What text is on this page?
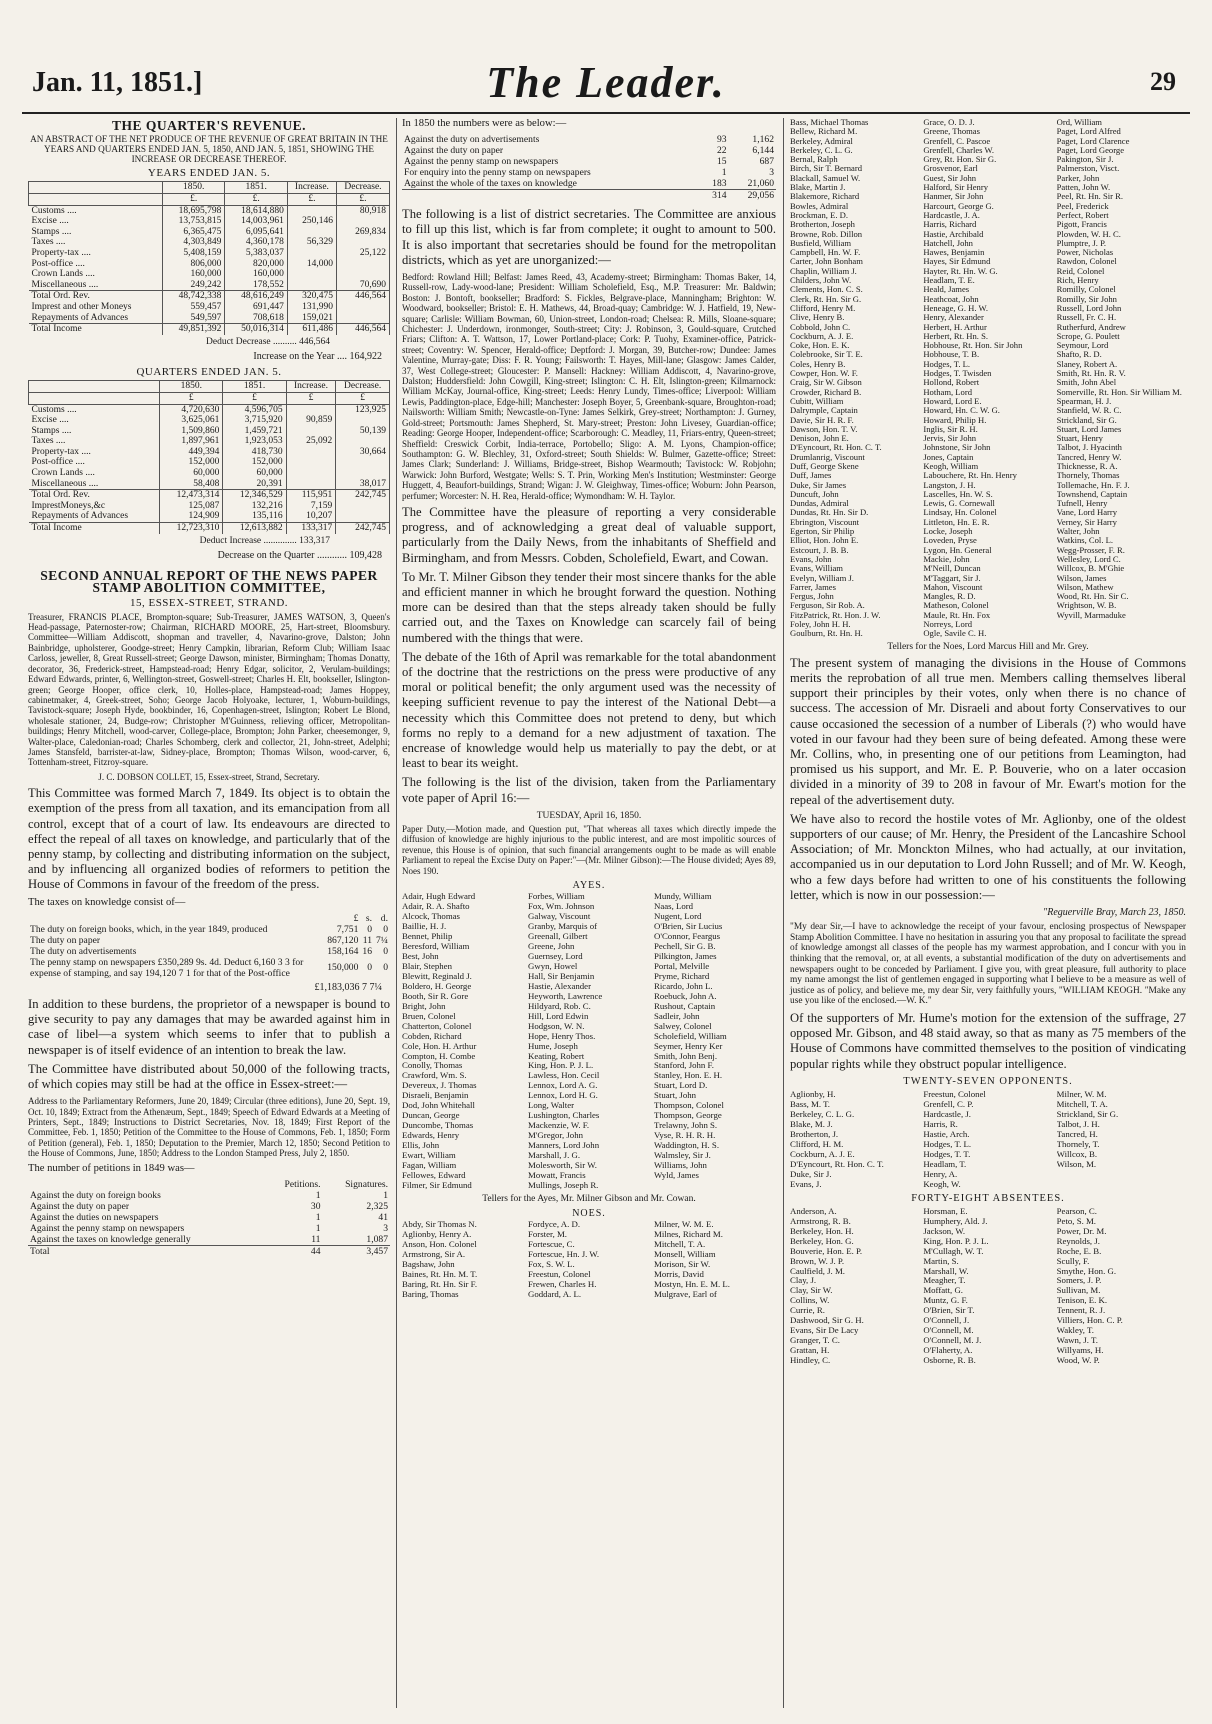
Jan. 11, 1851.]	The Leader.	29
THE QUARTER'S REVENUE.
AN ABSTRACT OF THE NET PRODUCE OF THE REVENUE OF GREAT BRITAIN IN THE YEARS AND QUARTERS ENDED JAN. 5, 1850, AND JAN. 5, 1851, SHOWING THE INCREASE OR DECREASE THEREOF.
YEARS ENDED JAN. 5.
	1850.	1851.	Increase.	Decrease.
	£.	£.	£.	£.
Customs ....	18,695,798	18,614,880		80,918
Excise ....	13,753,815	14,003,961	250,146	
Stamps ....	6,365,475	6,095,641		269,834
Taxes ....	4,303,849	4,360,178	56,329	
Property-tax ....	5,408,159	5,383,037		25,122
Post-office ....	806,000	820,000	14,000	
Crown Lands ....	160,000	160,000		
Miscellaneous ....	249,242	178,552		70,690
Total Ord. Rev.	48,742,338	48,616,249	320,475	446,564
Imprest and other Moneys	559,457	691,447	131,990	
Repayments of Advances	549,597	708,618	159,021	
Total Income	49,851,392	50,016,314	611,486	446,564
Deduct Decrease .......... 446,564
Increase on the Year .... 164,922
QUARTERS ENDED JAN. 5.
	1850.	1851.	Increase.	Decrease.
	£	£	£	£
Customs ....	4,720,630	4,596,705		123,925
Excise ....	3,625,061	3,715,920	90,859	
Stamps ....	1,509,860	1,459,721		50,139
Taxes ....	1,897,961	1,923,053	25,092	
Property-tax ....	449,394	418,730		30,664
Post-office ....	152,000	152,000		
Crown Lands ....	60,000	60,000		
Miscellaneous ....	58,408	20,391		38,017
Total Ord. Rev.	12,473,314	12,346,529	115,951	242,745
ImprestMoneys,&c	125,087	132,216	7,159	
Repayments of Advances	124,909	135,116	10,207	
Total Income	12,723,310	12,613,882	133,317	242,745
Deduct Increase .............. 133,317
Decrease on the Quarter ............ 109,428
SECOND ANNUAL REPORT OF THE NEWS PAPER STAMP ABOLITION COMMITTEE,
15, ESSEX-STREET, STRAND.

Treasurer, FRANCIS PLACE, Brompton-square; Sub-Treasurer, JAMES WATSON, 3, Queen's Head-passage, Paternoster-row; Chairman, RICHARD MOORE, 25, Hart-street, Bloomsbury. Committee—William Addiscott, shopman and traveller, 4, Navarino-grove, Dalston; John Bainbridge, upholsterer, Goodge-street; Henry Campkin, librarian, Reform Club; William Isaac Carloss, jeweller, 8, Great Russell-street; George Dawson, minister, Birmingham; Thomas Donatty, decorator, 36, Frederick-street, Hampstead-road; Henry Edgar, solicitor, 2, Verulam-buildings; Edward Edwards, printer, 6, Wellington-street, Goswell-street; Charles H. Elt, bookseller, Islington-green; George Hooper, office clerk, 10, Holles-place, Hampstead-road; James Hoppey, cabinetmaker, 4, Greek-street, Soho; George Jacob Holyoake, lecturer, 1, Woburn-buildings, Tavistock-square; Joseph Hyde, bookbinder, 16, Copenhagen-street, Islington; Robert Le Blond, wholesale stationer, 24, Budge-row; Christopher M'Guinness, relieving officer, Metropolitan-buildings; Henry Mitchell, wood-carver, College-place, Brompton; John Parker, cheesemonger, 9, Walter-place, Caledonian-road; Charles Schomberg, clerk and collector, 21, John-street, Adelphi; James Stansfeld, barrister-at-law, Sidney-place, Brompton; Thomas Wilson, wood-carver, 6, Tottenham-street, Fitzroy-square.

J. C. DOBSON COLLET, 15, Essex-street, Strand, Secretary.

This Committee was formed March 7, 1849. Its object is to obtain the exemption of the press from all taxation, and its emancipation from all control, except that of a court of law. Its endeavours are directed to effect the repeal of all taxes on knowledge, and particularly that of the penny stamp, by collecting and distributing information on the subject, and by influencing all organized bodies of reformers to petition the House of Commons in favour of the freedom of the press.

The taxes on knowledge consist of—

	£	s.	d.
The duty on foreign books, which, in the year 1849, produced	7,751	0	0
The duty on paper	867,120	11	7¼
The duty on advertisements	158,164	16	0
The penny stamp on newspapers £350,289 9s. 4d. Deduct 6,160 3 3 for expense of stamping, and say 194,120 7 1 for that of the Post-office	150,000	0	0
£1,183,036 7 7¼

In addition to these burdens, the proprietor of a newspaper is bound to give security to pay any damages that may be awarded against him in case of libel—a system which seems to infer that to publish a newspaper is of itself evidence of an intention to break the law.

The Committee have distributed about 50,000 of the following tracts, of which copies may still be had at the office in Essex-street:—

Address to the Parliamentary Reformers, June 20, 1849; Circular (three editions), June 20, Sept. 19, Oct. 10, 1849; Extract from the Athenæum, Sept., 1849; Speech of Edward Edwards at a Meeting of Printers, Sept., 1849; Instructions to District Secretaries, Nov. 18, 1849; First Report of the Committee, Feb. 1, 1850; Petition of the Committee to the House of Commons, Feb. 1, 1850; Form of Petition (general), Feb. 1, 1850; Deputation to the Premier, March 12, 1850; Second Petition to the House of Commons, June, 1850; Address to the London Stamped Press, July 2, 1850.

The number of petitions in 1849 was—

	Petitions.	Signatures.
Against the duty on foreign books	1	1
Against the duty on paper	30	2,325
Against the duties on newspapers	1	41
Against the penny stamp on newspapers	1	3
Against the taxes on knowledge generally	11	1,087
Total	44	3,457

In 1850 the numbers were as below:—

Against the duty on advertisements	93	1,162
Against the duty on paper	22	6,144
Against the penny stamp on newspapers	15	687
For enquiry into the penny stamp on newspapers	1	3
Against the whole of the taxes on knowledge	183	21,060
	314	29,056

The following is a list of district secretaries. The Committee are anxious to fill up this list, which is far from complete; it ought to amount to 500. It is also important that secretaries should be found for the metropolitan districts, which as yet are unorganized:—

Bedford: Rowland Hill; Belfast: James Reed, 43, Academy-street; Birmingham: Thomas Baker, 14, Russell-row, Lady-wood-lane; President: William Scholefield, Esq., M.P. Treasurer: Mr. Baldwin; Boston: J. Bontoft, bookseller; Bradford: S. Fickles, Belgrave-place, Manningham; Brighton: W. Woodward, bookseller; Bristol: E. H. Mathews, 44, Broad-quay; Cambridge: W. J. Hatfield, 19, New-square; Carlisle: William Bowman, 60, Union-street, London-road; Chelsea: R. Mills, Sloane-square; Chichester: J. Underdown, ironmonger, South-street; City: J. Robinson, 3, Gould-square, Crutched Friars; Clifton: A. T. Wattson, 17, Lower Portland-place; Cork: P. Tuohy, Examiner-office, Patrick-street; Coventry: W. Spencer, Herald-office; Deptford: J. Morgan, 39, Butcher-row; Dundee: James Valentine, Murray-gate; Diss: F. R. Young; Failsworth: T. Hayes, Mill-lane; Glasgow: James Calder, 37, West College-street; Gloucester: P. Mansell: Hackney: William Addiscott, 4, Navarino-grove, Dalston; Huddersfield: John Cowgill, King-street; Islington: C. H. Elt, Islington-green; Kilmarnock: William McKay, Journal-office, King-street; Leeds: Henry Lundy, Times-office; Liverpool: William Lewis, Paddington-place, Edge-hill; Manchester: Joseph Boyer, 5, Greenbank-square, Broughton-road; Nailsworth: William Smith; Newcastle-on-Tyne: James Selkirk, Grey-street; Northampton: J. Gurney, Gold-street; Portsmouth: James Shepherd, St. Mary-street; Preston: John Livesey, Guardian-office; Reading: George Hooper, Independent-office; Scarborough: C. Meadley, 11, Friars-entry, Queen-street; Sheffield: Creswick Corbit, India-terrace, Portobello; Sligo: A. M. Lyons, Champion-office; Southampton: G. W. Blechley, 31, Oxford-street; South Shields: W. Bulmer, Gazette-office; Street: James Clark; Sunderland: J. Williams, Bridge-street, Bishop Wearmouth; Tavistock: W. Robjohn; Warwick: John Burford, Westgate; Wells: S. T. Prin, Working Men's Institution; Westminster: George Huggett, 4, Beaufort-buildings, Strand; Wigan: J. W. Gleighway, Times-office; Woburn: John Pearson, perfumer; Worcester: N. H. Rea, Herald-office; Wymondham: W. H. Taylor.

The Committee have the pleasure of reporting a very considerable progress, and of acknowledging a great deal of valuable support, particularly from the Daily News, from the inhabitants of Sheffield and Birmingham, and from Messrs. Cobden, Scholefield, Ewart, and Cowan.

To Mr. T. Milner Gibson they tender their most sincere thanks for the able and efficient manner in which he brought forward the question. Nothing more can be desired than that the steps already taken should be fully carried out, and the Taxes on Knowledge can scarcely fail of being numbered with the things that were.

The debate of the 16th of April was remarkable for the total abandonment of the doctrine that the restrictions on the press were productive of any moral or political benefit; the only argument used was the necessity of keeping sufficient revenue to pay the interest of the National Debt—a necessity which this Committee does not pretend to deny, but which forms no reply to a demand for a new adjustment of taxation. The encrease of knowledge would help us materially to pay the debt, or at least to bear its weight.

The following is the list of the division, taken from the Parliamentary vote paper of April 16:—

TUESDAY, April 16, 1850.

Paper Duty,—Motion made, and Question put, "That whereas all taxes which directly impede the diffusion of knowledge are highly injurious to the public interest, and are most impolitic sources of revenue, this House is of opinion, that such financial arrangements ought to be made as will enable Parliament to repeal the Excise Duty on Paper:"—(Mr. Milner Gibson):—The House divided; Ayes 89, Noes 190.

AYES.
Adair, Hugh Edward	Forbes, William	Mundy, William
Adair, R. A. Shafto	Fox, Wm. Johnson	Naas, Lord
Alcock, Thomas	Galway, Viscount	Nugent, Lord
Baillie, H. J.	Granby, Marquis of	O'Brien, Sir Lucius
Bennet, Philip	Greenall, Gilbert	O'Connor, Feargus
Beresford, William	Greene, John	Pechell, Sir G. B.
Best, John	Guernsey, Lord	Pilkington, James
Blair, Stephen	Gwyn, Howel	Portal, Melville
Blewitt, Reginald J.	Hall, Sir Benjamin	Pryme, Richard
Boldero, H. George	Hastie, Alexander	Ricardo, John L.
Booth, Sir R. Gore	Heyworth, Lawrence	Roebuck, John A.
Bright, John	Hildyard, Rob. C.	Rushout, Captain
Bruen, Colonel	Hill, Lord Edwin	Sadleir, John
Chatterton, Colonel	Hodgson, W. N.	Salwey, Colonel
Cobden, Richard	Hope, Henry Thos.	Scholefield, William
Cole, Hon. H. Arthur	Hume, Joseph	Seymer, Henry Ker
Compton, H. Combe	Keating, Robert	Smith, John Benj.
Conolly, Thomas	King, Hon. P. J. L.	Stanford, John F.
Crawford, Wm. S.	Lawless, Hon. Cecil	Stanley, Hon. E. H.
Devereux, J. Thomas	Lennox, Lord A. G.	Stuart, Lord D.
Disraeli, Benjamin	Lennox, Lord H. G.	Stuart, John
Dod, John Whitehall	Long, Walter	Thompson, Colonel
Duncan, George	Lushington, Charles	Thompson, George
Duncombe, Thomas	Mackenzie, W. F.	Trelawny, John S.
Edwards, Henry	M'Gregor, John	Vyse, R. H. R. H.
Ellis, John	Manners, Lord John	Waddington, H. S.
Ewart, William	Marshall, J. G.	Walmsley, Sir J.
Fagan, William	Molesworth, Sir W.	Williams, John
Fellowes, Edward	Mowatt, Francis	Wyld, James
Filmer, Sir Edmund	Mullings, Joseph R.
Tellers for the Ayes, Mr. Milner Gibson and Mr. Cowan.
NOES.
Abdy, Sir Thomas N.	Fordyce, A. D.	Milner, W. M. E.
Aglionby, Henry A.	Forster, M.	Milnes, Richard M.
Anson, Hon. Colonel	Fortescue, C.	Mitchell, T. A.
Armstrong, Sir A.	Fortescue, Hn. J. W.	Monsell, William
Bagshaw, John	Fox, S. W. L.	Morison, Sir W.
Baines, Rt. Hn. M. T.	Freestun, Colonel	Morris, David
Baring, Rt. Hn. Sir F.	Frewen, Charles H.	Mostyn, Hn. E. M. L.
Baring, Thomas	Goddard, A. L.	Mulgrave, Earl of
Bass, Michael Thomas	Grace, O. D. J.	Ord, William
Bellew, Richard M.	Greene, Thomas	Paget, Lord Alfred
Berkeley, Admiral	Grenfell, C. Pascoe	Paget, Lord Clarence
Berkeley, C. L. G.	Grenfell, Charles W.	Paget, Lord George
Bernal, Ralph	Grey, Rt. Hon. Sir G.	Pakington, Sir J.
Birch, Sir T. Bernard	Grosvenor, Earl	Palmerston, Visct.
Blackall, Samuel W.	Guest, Sir John	Parker, John
Blake, Martin J.	Halford, Sir Henry	Patten, John W.
Blakemore, Richard	Hanmer, Sir John	Peel, Rt. Hn. Sir R.
Bowles, Admiral	Harcourt, George G.	Peel, Frederick
Brockman, E. D.	Hardcastle, J. A.	Perfect, Robert
Brotherton, Joseph	Harris, Richard	Pigott, Francis
Browne, Rob. Dillon	Hastie, Archibald	Plowden, W. H. C.
Busfield, William	Hatchell, John	Plumptre, J. P.
Campbell, Hn. W. F.	Hawes, Benjamin	Power, Nicholas
Carter, John Bonham	Hayes, Sir Edmund	Rawdon, Colonel
Chaplin, William J.	Hayter, Rt. Hn. W. G.	Reid, Colonel
Childers, John W.	Headlam, T. E.	Rich, Henry
Clements, Hon. C. S.	Heald, James	Romilly, Colonel
Clerk, Rt. Hn. Sir G.	Heathcoat, John	Romilly, Sir John
Clifford, Henry M.	Heneage, G. H. W.	Russell, Lord John
Clive, Henry B.	Henry, Alexander	Russell, Fr. C. H.
Cobbold, John C.	Herbert, H. Arthur	Rutherfurd, Andrew
Cockburn, A. J. E.	Herbert, Rt. Hn. S.	Scrope, G. Poulett
Coke, Hon. E. K.	Hobhouse, Rt. Hon. Sir John	Seymour, Lord
Colebrooke, Sir T. E.	Hobhouse, T. B.	Shafto, R. D.
Coles, Henry B.	Hodges, T. L.	Slaney, Robert A.
Cowper, Hon. W. F.	Hodges, T. Twisden	Smith, Rt. Hn. R. V.
Craig, Sir W. Gibson	Hollond, Robert	Smith, John Abel
Crowder, Richard B.	Hotham, Lord	Somerville, Rt. Hon. Sir William M.
Cubitt, William	Howard, Lord E.	Spearman, H. J.
Dalrymple, Captain	Howard, Hn. C. W. G.	Stanfield, W. R. C.
Davie, Sir H. R. F.	Howard, Philip H.	Strickland, Sir G.
Dawson, Hon. T. V.	Inglis, Sir R. H.	Stuart, Lord James
Denison, John E.	Jervis, Sir John	Stuart, Henry
D'Eyncourt, Rt. Hon. C. T.	Johnstone, Sir John	Talbot, J. Hyacinth
Drumlanrig, Viscount	Jones, Captain	Tancred, Henry W.
Duff, George Skene	Keogh, William	Thicknesse, R. A.
Duff, James	Labouchere, Rt. Hn. Henry	Thornely, Thomas
Duke, Sir James	Langston, J. H.	Tollemache, Hn. F. J.
Duncuft, John	Lascelles, Hn. W. S.	Townshend, Captain
Dundas, Admiral	Lewis, G. Cornewall	Tufnell, Henry
Dundas, Rt. Hn. Sir D.	Lindsay, Hn. Colonel	Vane, Lord Harry
Ebrington, Viscount	Littleton, Hn. E. R.	Verney, Sir Harry
Egerton, Sir Philip	Locke, Joseph	Walter, John
Elliot, Hon. John E.	Loveden, Pryse	Watkins, Col. L.
Estcourt, J. B. B.	Lygon, Hn. General	Wegg-Prosser, F. R.
Evans, John	Mackie, John	Wellesley, Lord C.
Evans, William	M'Neill, Duncan	Willcox, B. M'Ghie
Evelyn, William J.	M'Taggart, Sir J.	Wilson, James
Farrer, James	Mahon, Viscount	Wilson, Mathew
Fergus, John	Mangles, R. D.	Wood, Rt. Hn. Sir C.
Ferguson, Sir Rob. A.	Matheson, Colonel	Wrightson, W. B.
FitzPatrick, Rt. Hon. J. W.	Maule, Rt. Hn. Fox	Wyvill, Marmaduke
Foley, John H. H.	Norreys, Lord
Goulburn, Rt. Hn. H.	Ogle, Savile C. H.
Tellers for the Noes, Lord Marcus Hill and Mr. Grey.

The present system of managing the divisions in the House of Commons merits the reprobation of all true men. Members calling themselves liberal support their principles by their votes, only when there is no chance of success. The accession of Mr. Disraeli and about forty Conservatives to our cause occasioned the secession of a number of Liberals (?) who would have voted in our favour had they been sure of being defeated. Among these were Mr. Collins, who, in presenting one of our petitions from Leamington, had promised us his support, and Mr. E. P. Bouverie, who on a later occasion divided in a minority of 39 to 208 in favour of Mr. Ewart's motion for the repeal of the advertisement duty.

We have also to record the hostile votes of Mr. Aglionby, one of the oldest supporters of our cause; of Mr. Henry, the President of the Lancashire School Association; of Mr. Monckton Milnes, who had actually, at our invitation, accompanied us in our deputation to Lord John Russell; and of Mr. W. Keogh, who a few days before had written to one of his constituents the following letter, which is now in our possession:—

"Reguerville Bray, March 23, 1850.

"My dear Sir,—I have to acknowledge the receipt of your favour, enclosing prospectus of Newspaper Stamp Abolition Committee. I have no hesitation in assuring you that any proposal to facilitate the spread of knowledge amongst all classes of the people has my warmest approbation, and I concur with you in thinking that the removal, or, at all events, a substantial modification of the duty on advertisements and newspapers ought to be conceded by Parliament. I give you, with great pleasure, full authority to place my name amongst the list of gentlemen engaged in supporting what I believe to be a measure as well of justice as of policy, and believe me, my dear Sir, very faithfully yours, "WILLIAM KEOGH. "Make any use you like of the enclosed.—W. K."

Of the supporters of Mr. Hume's motion for the extension of the suffrage, 27 opposed Mr. Gibson, and 48 staid away, so that as many as 75 members of the House of Commons have committed themselves to the position of vindicating popular rights while they obstruct popular intelligence.

TWENTY-SEVEN OPPONENTS.
Aglionby, H.	Freestun, Colonel	Milner, W. M.
Bass, M. T.	Grenfell, C. P.	Mitchell, T. A.
Berkeley, C. L. G.	Hardcastle, J.	Strickland, Sir G.
Blake, M. J.	Harris, R.	Talbot, J. H.
Brotherton, J.	Hastie, Arch.	Tancred, H.
Clifford, H. M.	Hodges, T. L.	Thornely, T.
Cockburn, A. J. E.	Hodges, T. T.	Willcox, B.
D'Eyncourt, Rt. Hon. C. T.	Headlam, T.	Wilson, M.
Duke, Sir J.	Henry, A.
Evans, J.	Keogh, W.
FORTY-EIGHT ABSENTEES.
Anderson, A.	Horsman, E.	Pearson, C.
Armstrong, R. B.	Humphery, Ald. J.	Peto, S. M.
Berkeley, Hon. H.	Jackson, W.	Power, Dr. M.
Berkeley, Hon. G.	King, Hon. P. J. L.	Reynolds, J.
Bouverie, Hon. E. P.	M'Cullagh, W. T.	Roche, E. B.
Brown, W. J. P.	Martin, S.	Scully, F.
Caulfield, J. M.	Marshall, W.	Smythe, Hon. G.
Clay, J.	Meagher, T.	Somers, J. P.
Clay, Sir W.	Moffatt, G.	Sullivan, M.
Collins, W.	Muntz, G. F.	Tenison, E. K.
Currie, R.	O'Brien, Sir T.	Tennent, R. J.
Dashwood, Sir G. H.	O'Connell, J.	Villiers, Hon. C. P.
Evans, Sir De Lacy	O'Connell, M.	Wakley, T.
Granger, T. C.	O'Connell, M. J.	Wawn, J. T.
Grattan, H.	O'Flaherty, A.	Willyams, H.
Hindley, C.	Osborne, R. B.	Wood, W. P.
